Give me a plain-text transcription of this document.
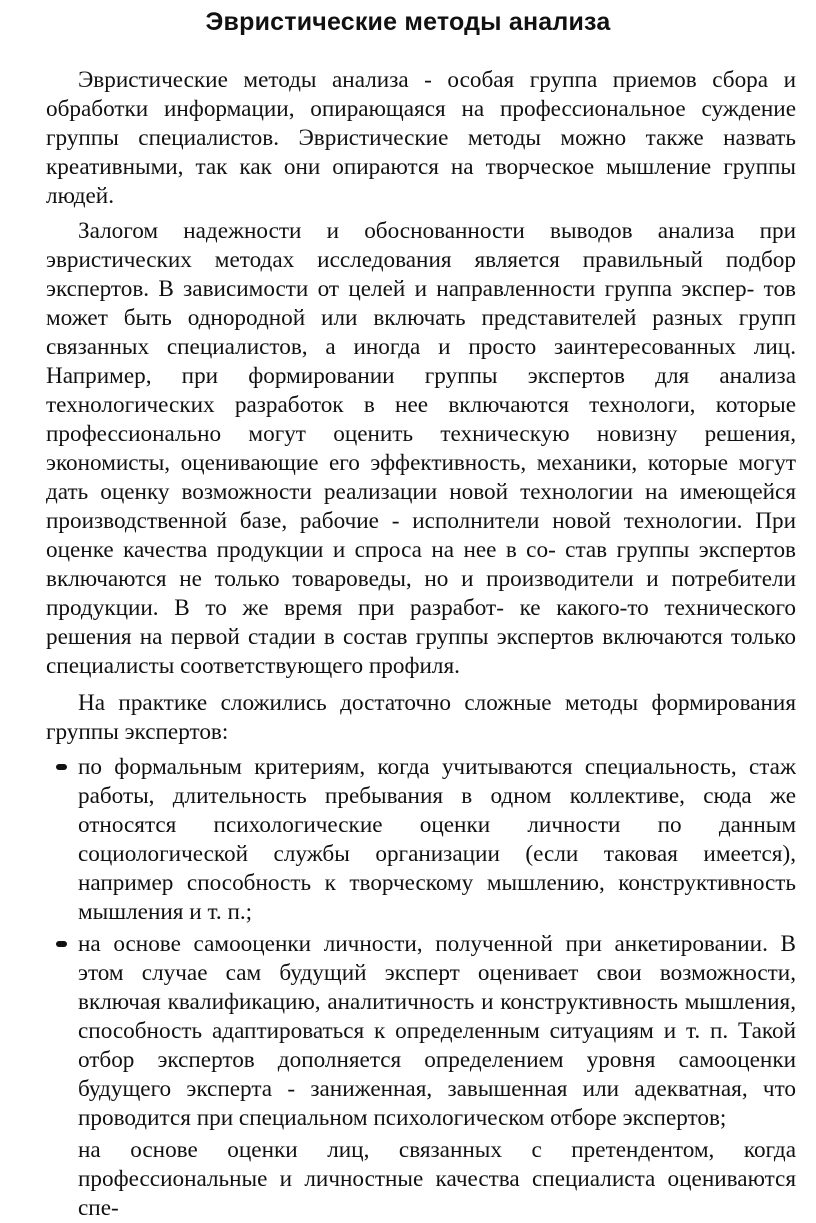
Эвристические методы анализа

Эвристические методы анализа - особая группа приемов сбора и обработки информации, опирающаяся на профессиональное суждение группы специалистов. Эвристические методы можно также назвать креативными, так как они опираются на творческое мышление группы людей.

Залогом надежности и обоснованности выводов анализа при эвристических методах исследования является правильный подбор экспертов. В зависимости от целей и направленности группа экспер- тов может быть однородной или включать представителей разных групп связанных специалистов, а иногда и просто заинтересованных лиц. Например, при формировании группы экспертов для анализа технологических разработок в нее включаются технологи, которые профессионально могут оценить техническую новизну решения, экономисты, оценивающие его эффективность, механики, которые могут дать оценку возможности реализации новой технологии на имеющейся производственной базе, рабочие - исполнители новой технологии. При оценке качества продукции и спроса на нее в со- став группы экспертов включаются не только товароведы, но и производители и потребители продукции. В то же время при разработ- ке какого-то технического решения на первой стадии в состав группы экспертов включаются только специалисты соответствующего профиля.

На практике сложились достаточно сложные методы формирования группы экспертов:

по формальным критериям, когда учитываются специальность, стаж работы, длительность пребывания в одном коллективе, сюда же относятся психологические оценки личности по данным социологической службы организации (если таковая имеется), например способность к творческому мышлению, конструктивность мышления и т. п.;
на основе самооценки личности, полученной при анкетировании. В этом случае сам будущий эксперт оценивает свои возможности, включая квалификацию, аналитичность и конструктивность мышления, способность адаптироваться к определенным ситуациям и т. п. Такой отбор экспертов дополняется определением уровня самооценки будущего эксперта - заниженная, завышенная или адекватная, что проводится при специальном психологическом отборе экспертов;
на основе оценки лиц, связанных с претендентом, когда профессиональные и личностные качества специалиста оцениваются спе-
